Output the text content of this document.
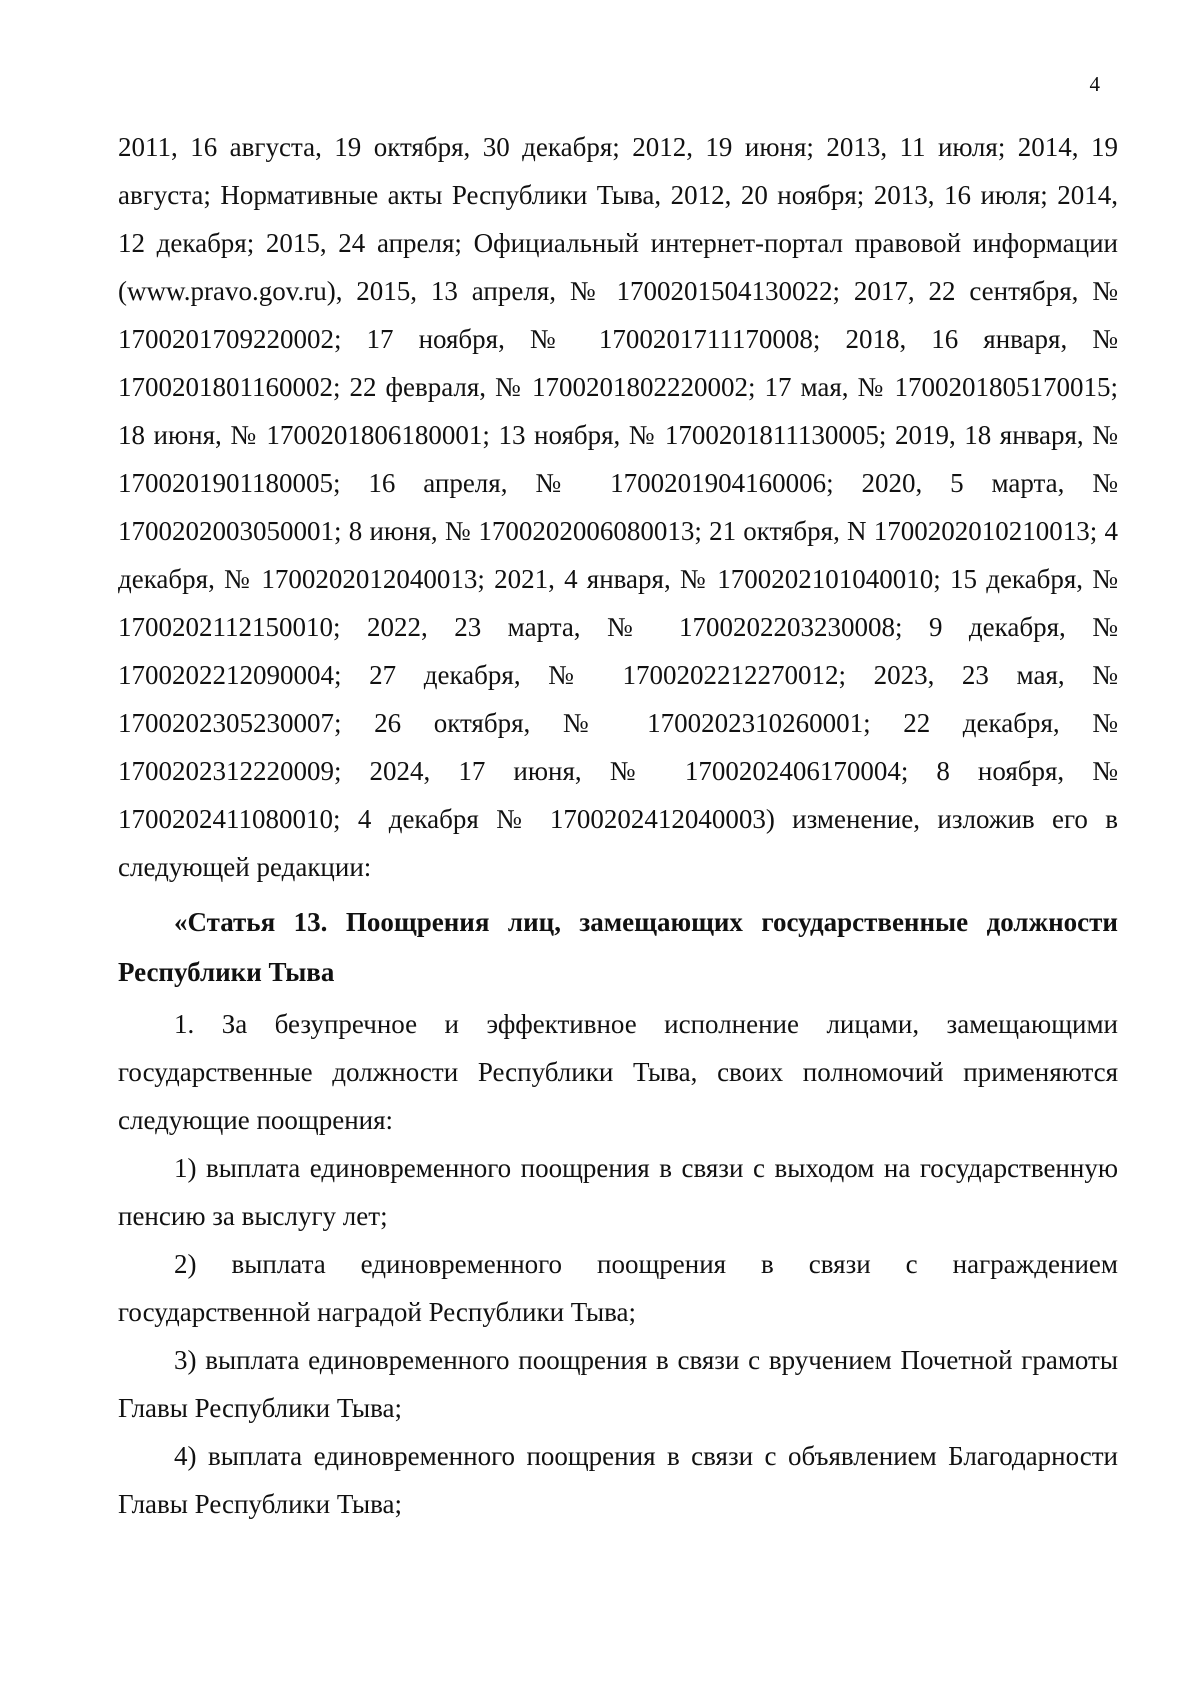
4

2011, 16 августа, 19 октября, 30 декабря; 2012, 19 июня; 2013, 11 июля; 2014, 19 августа; Нормативные акты Республики Тыва, 2012, 20 ноября; 2013, 16 июля; 2014, 12 декабря; 2015, 24 апреля; Официальный интернет-портал правовой информации (www.pravo.gov.ru), 2015, 13 апреля, № 1700201504130022; 2017, 22 сентября, № 1700201709220002; 17 ноября, № 1700201711170008; 2018, 16 января, № 1700201801160002; 22 февраля, № 1700201802220002; 17 мая, № 1700201805170015; 18 июня, № 1700201806180001; 13 ноября, № 1700201811130005; 2019, 18 января, № 1700201901180005; 16 апреля, № 1700201904160006; 2020, 5 марта, № 1700202003050001; 8 июня, № 1700202006080013; 21 октября, N 1700202010210013; 4 декабря, № 1700202012040013; 2021, 4 января, № 1700202101040010; 15 декабря, № 1700202112150010; 2022, 23 марта, № 1700202203230008; 9 декабря, № 1700202212090004; 27 декабря, № 1700202212270012; 2023, 23 мая, № 1700202305230007; 26 октября, № 1700202310260001; 22 декабря, № 1700202312220009; 2024, 17 июня, № 1700202406170004; 8 ноября, № 1700202411080010; 4 декабря № 1700202412040003) изменение, изложив его в следующей редакции:

«Статья 13. Поощрения лиц, замещающих государственные должности Республики Тыва

1. За безупречное и эффективное исполнение лицами, замещающими государственные должности Республики Тыва, своих полномочий применяются следующие поощрения:

1) выплата единовременного поощрения в связи с выходом на государственную пенсию за выслугу лет;

2) выплата единовременного поощрения в связи с награждением государственной наградой Республики Тыва;

3) выплата единовременного поощрения в связи с вручением Почетной грамоты Главы Республики Тыва;

4) выплата единовременного поощрения в связи с объявлением Благодарности Главы Республики Тыва;
